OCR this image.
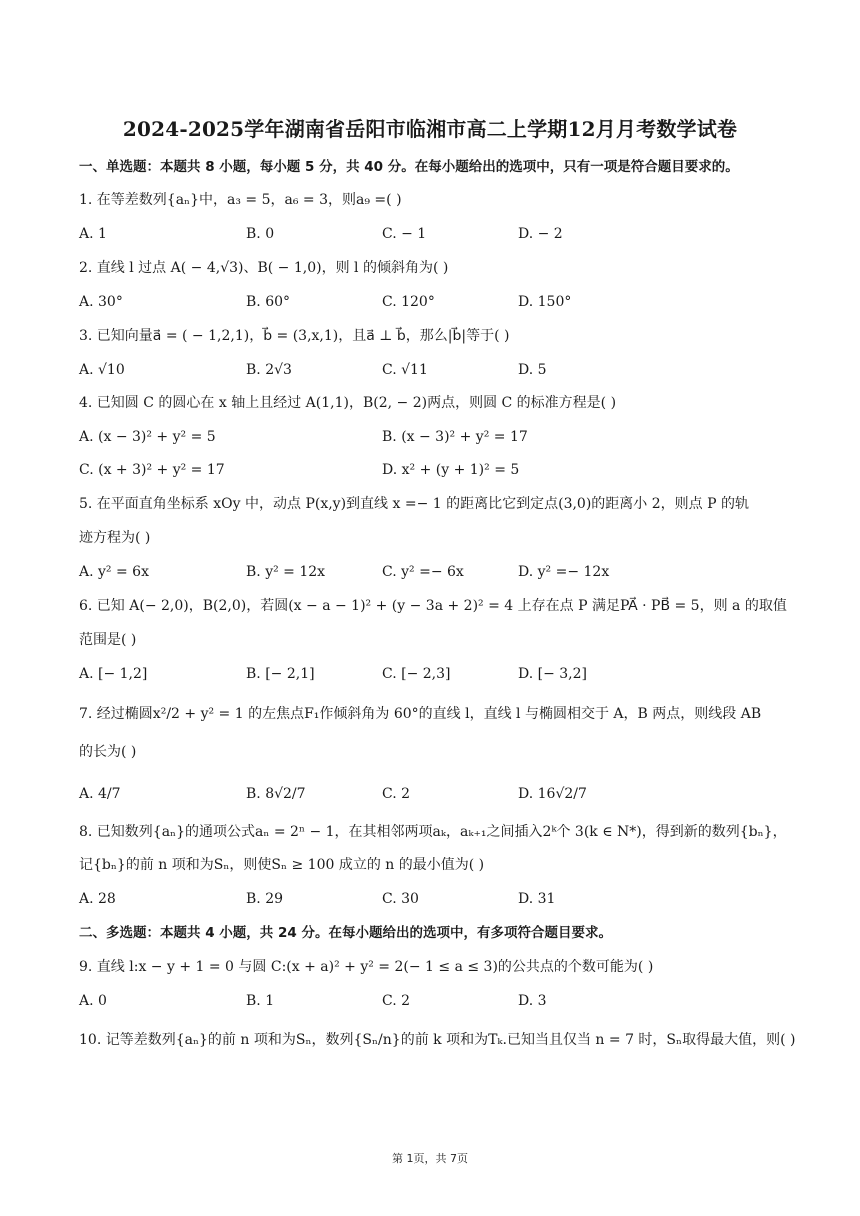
2024-2025学年湖南省岳阳市临湘市高二上学期12月月考数学试卷
一、单选题：本题共 8 小题，每小题 5 分，共 40 分。在每小题给出的选项中，只有一项是符合题目要求的。
1. 在等差数列{aₙ}中，a₃ = 5，a₆ = 3，则a₉ =( )
A. 1	B. 0	C. − 1	D. − 2
2. 直线 l 过点 A( − 4,√3)、B( − 1,0)，则 l 的倾斜角为( )
A. 30°	B. 60°	C. 120°	D. 150°
3. 已知向量a⃗ = ( − 1,2,1)，b⃗ = (3,x,1)，且a⃗ ⊥ b⃗，那么|b⃗|等于( )
A. √10	B. 2√3	C. √11	D. 5
4. 已知圆 C 的圆心在 x 轴上且经过 A(1,1)，B(2, − 2)两点，则圆 C 的标准方程是( )
A. (x − 3)² + y² = 5	B. (x − 3)² + y² = 17
C. (x + 3)² + y² = 17	D. x² + (y + 1)² = 5
5. 在平面直角坐标系 xOy 中，动点 P(x,y)到直线 x =− 1 的距离比它到定点(3,0)的距离小 2，则点 P 的轨
迹方程为( )
A. y² = 6x	B. y² = 12x	C. y² =− 6x	D. y² =− 12x
6. 已知 A(− 2,0)，B(2,0)，若圆(x − a − 1)² + (y − 3a + 2)² = 4 上存在点 P 满足PA⃗ · PB⃗ = 5，则 a 的取值
范围是( )
A. [− 1,2]	B. [− 2,1]	C. [− 2,3]	D. [− 3,2]
7. 经过椭圆x²/2 + y² = 1 的左焦点F₁作倾斜角为 60°的直线 l，直线 l 与椭圆相交于 A，B 两点，则线段 AB
的长为( )
A. 4/7	B. 8√2/7	C. 2	D. 16√2/7
8. 已知数列{aₙ}的通项公式aₙ = 2ⁿ − 1，在其相邻两项aₖ，aₖ₊₁之间插入2ᵏ个 3(k ∈ N*)，得到新的数列{bₙ}，
记{bₙ}的前 n 项和为Sₙ，则使Sₙ ≥ 100 成立的 n 的最小值为( )
A. 28	B. 29	C. 30	D. 31
二、多选题：本题共 4 小题，共 24 分。在每小题给出的选项中，有多项符合题目要求。
9. 直线 l:x − y + 1 = 0 与圆 C:(x + a)² + y² = 2(− 1 ≤ a ≤ 3)的公共点的个数可能为( )
A. 0	B. 1	C. 2	D. 3
10. 记等差数列{aₙ}的前 n 项和为Sₙ，数列{Sₙ/n}的前 k 项和为Tₖ.已知当且仅当 n = 7 时，Sₙ取得最大值，则( )
第 1页，共 7页
